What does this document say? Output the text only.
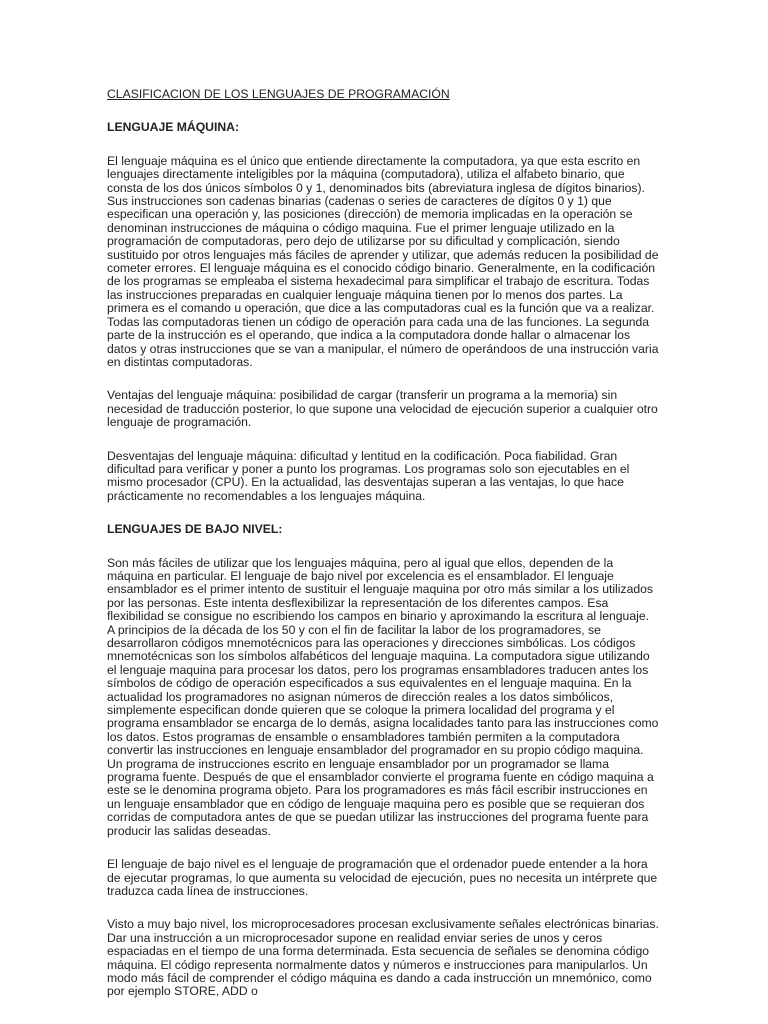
CLASIFICACION DE LOS LENGUAJES DE PROGRAMACIÓN

LENGUAJE MÁQUINA:

El lenguaje máquina es el único que entiende directamente la computadora, ya que esta escrito en lenguajes directamente inteligibles por la máquina (computadora), utiliza el alfabeto binario, que consta de los dos únicos símbolos 0 y 1, denominados bits (abreviatura inglesa de dígitos binarios). Sus instrucciones son cadenas binarias (cadenas o series de caracteres de dígitos 0 y 1) que especifican una operación y, las posiciones (dirección) de memoria implicadas en la operación se denominan instrucciones de máquina o código maquina. Fue el primer lenguaje utilizado en la programación de computadoras, pero dejo de utilizarse por su dificultad y complicación, siendo sustituido por otros lenguajes más fáciles de aprender y utilizar, que además reducen la posibilidad de cometer errores. El lenguaje máquina es el conocido código binario. Generalmente, en la codificación de los programas se empleaba el sistema hexadecimal para simplificar el trabajo de escritura. Todas las instrucciones preparadas en cualquier lenguaje máquina tienen por lo menos dos partes. La primera es el comando u operación, que dice a las computadoras cual es la función que va a realizar. Todas las computadoras tienen un código de operación para cada una de las funciones. La segunda parte de la instrucción es el operando, que indica a la computadora donde hallar o almacenar los datos y otras instrucciones que se van a manipular, el número de operándoos de una instrucción varia en distintas computadoras.

Ventajas del lenguaje máquina: posibilidad de cargar (transferir un programa a la memoria) sin necesidad de traducción posterior, lo que supone una velocidad de ejecución superior a cualquier otro lenguaje de programación.

Desventajas del lenguaje máquina: dificultad y lentitud en la codificación. Poca fiabilidad. Gran dificultad para verificar y poner a punto los programas. Los programas solo son ejecutables en el mismo procesador (CPU). En la actualidad, las desventajas superan a las ventajas, lo que hace prácticamente no recomendables a los lenguajes máquina.

LENGUAJES DE BAJO NIVEL:

Son más fáciles de utilizar que los lenguajes máquina, pero al igual que ellos, dependen de la máquina en particular. El lenguaje de bajo nivel por excelencia es el ensamblador. El lenguaje ensamblador es el primer intento de sustituir el lenguaje maquina por otro más similar a los utilizados por las personas. Este intenta desflexibilizar la representación de los diferentes campos. Esa flexibilidad se consigue no escribiendo los campos en binario y aproximando la escritura al lenguaje. A principios de la década de los 50 y con el fin de facilitar la labor de los programadores, se desarrollaron códigos mnemotécnicos para las operaciones y direcciones simbólicas. Los códigos mnemotécnicas son los símbolos alfabéticos del lenguaje maquina. La computadora sigue utilizando el lenguaje maquina para procesar los datos, pero los programas ensambladores traducen antes los símbolos de código de operación especificados a sus equivalentes en el lenguaje maquina. En la actualidad los programadores no asignan números de dirección reales a los datos simbólicos, simplemente especifican donde quieren que se coloque la primera localidad del programa y el programa ensamblador se encarga de lo demás, asigna localidades tanto para las instrucciones como los datos. Estos programas de ensamble o ensambladores también permiten a la computadora convertir las instrucciones en lenguaje ensamblador del programador en su propio código maquina. Un programa de instrucciones escrito en lenguaje ensamblador por un programador se llama programa fuente. Después de que el ensamblador convierte el programa fuente en código maquina a este se le denomina programa objeto. Para los programadores es más fácil escribir instrucciones en un lenguaje ensamblador que en código de lenguaje maquina pero es posible que se requieran dos corridas de computadora antes de que se puedan utilizar las instrucciones del programa fuente para producir las salidas deseadas.

El lenguaje de bajo nivel es el lenguaje de programación que el ordenador puede entender a la hora de ejecutar programas, lo que aumenta su velocidad de ejecución, pues no necesita un intérprete que traduzca cada línea de instrucciones.

Visto a muy bajo nivel, los microprocesadores procesan exclusivamente señales electrónicas binarias. Dar una instrucción a un microprocesador supone en realidad enviar series de unos y ceros espaciadas en el tiempo de una forma determinada. Esta secuencia de señales se denomina código máquina. El código representa normalmente datos y números e instrucciones para manipularlos. Un modo más fácil de comprender el código máquina es dando a cada instrucción un mnemónico, como por ejemplo STORE, ADD o
